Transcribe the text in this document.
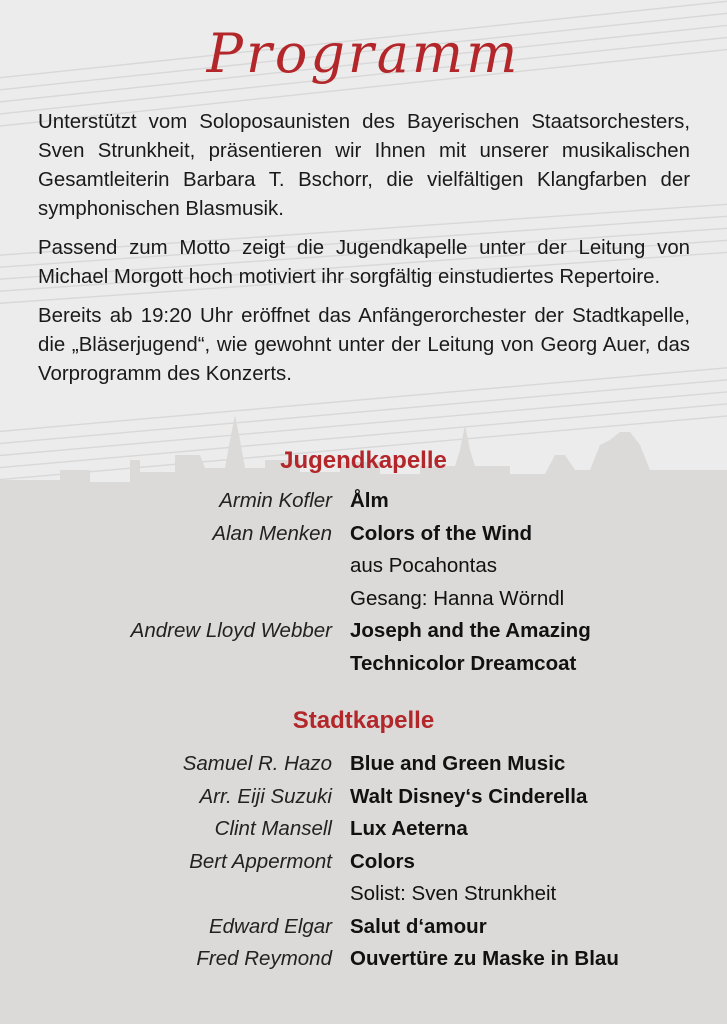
Programm

Unterstützt vom Soloposaunisten des Bayerischen Staatsorchesters, Sven Strunkheit, präsentieren wir Ihnen mit unserer musikalischen Gesamtleiterin Barbara T. Bschorr, die vielfältigen Klangfarben der symphonischen Blasmusik.

Passend zum Motto zeigt die Jugendkapelle unter der Leitung von Michael Morgott hoch motiviert ihr sorgfältig einstudiertes Repertoire.

Bereits ab 19:20 Uhr eröffnet das Anfängerorchester der Stadtkapelle, die „Bläserjugend“, wie gewohnt unter der Leitung von Georg Auer, das Vorprogramm des Konzerts.

Jugendkapelle
Armin Kofler Ålm
Alan Menken Colors of the Wind
aus Pocahontas
Gesang: Hanna Wörndl
Andrew Lloyd Webber Joseph and the Amazing
Technicolor Dreamcoat
Stadtkapelle
Samuel R. Hazo Blue and Green Music
Arr. Eiji Suzuki Walt Disney‘s Cinderella
Clint Mansell Lux Aeterna
Bert Appermont Colors
Solist: Sven Strunkheit
Edward Elgar Salut d‘amour
Fred Reymond Ouvertüre zu Maske in Blau
